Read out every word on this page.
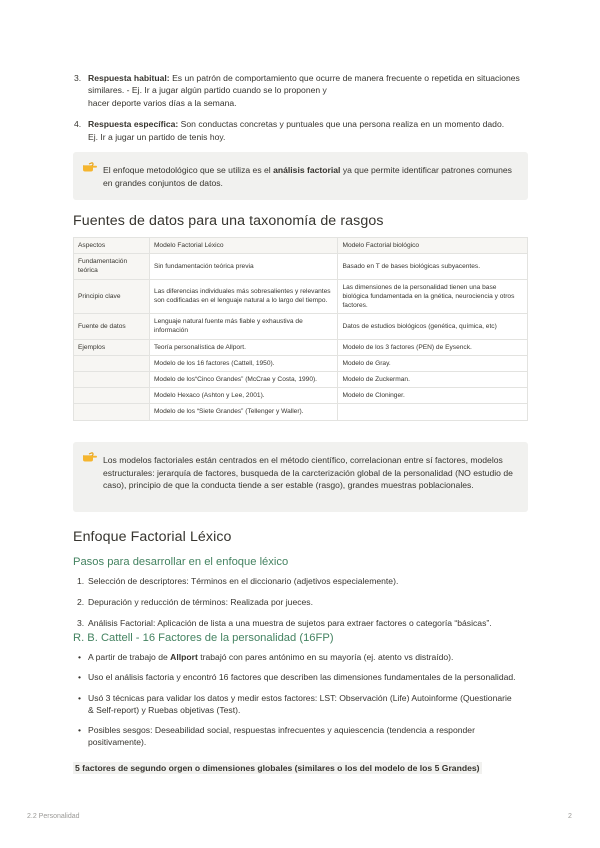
3. Respuesta habitual: Es un patrón de comportamiento que ocurre de manera frecuente o repetida en situaciones similares. - Ej. Ir a jugar algún partido cuando se lo proponen y
hacer deporte varios días a la semana.
4. Respuesta específica: Son conductas concretas y puntuales que una persona realiza en un momento dado.
Ej. Ir a jugar un partido de tenis hoy.
El enfoque metodológico que se utiliza es el análisis factorial ya que permite identificar patrones comunes en grandes conjuntos de datos.
Fuentes de datos para una taxonomía de rasgos
Aspectos	Modelo Factorial Léxico	Modelo Factorial biológico
Fundamentación teórica	Sin fundamentación teórica previa	Basado en T de bases biológicas subyacentes.
Principio clave	Las diferencias individuales más sobresalientes y relevantes son codificadas en el lenguaje natural a lo largo del tiempo.	Las dimensiones de la personalidad tienen una base biológica fundamentada en la gnética, neurociencia y otros factores.
Fuente de datos	Lenguaje natural fuente más fiable y exhaustiva de información	Datos de estudios biológicos (genética, química, etc)
Ejemplos	Teoría personalística de Allport.	Modelo de los 3 factores (PEN) de Eysenck.
	Modelo de los 16 factores (Cattell, 1950).	Modelo de Gray.
	Modelo de los“Cinco Grandes” (McCrae y Costa, 1990).	Modelo de Zuckerman.
	Modelo Hexaco (Ashton y Lee, 2001).	Modelo de Cloninger.
	Modelo de los “Siete Grandes” (Tellenger y Waller).	
Los modelos factoriales están centrados en el método científico, correlacionan entre sí factores, modelos estructurales: jerarquía de factores, busqueda de la carcterización global de la personalidad (NO estudio de caso), principio de que la conducta tiende a ser estable (rasgo), grandes muestras poblacionales.
Enfoque Factorial Léxico
Pasos para desarrollar en el enfoque léxico
1. Selección de descriptores: Términos en el diccionario (adjetivos especialemente).
2. Depuración y reducción de términos: Realizada por jueces.
3. Análisis Factorial: Aplicación de lista a una muestra de sujetos para extraer factores o categoría “básicas”.
R. B. Cattell - 16 Factores de la personalidad (16FP)
• A partir de trabajo de Allport trabajó con pares antónimo en su mayoría (ej. atento vs distraído).
• Uso el análisis factoria y encontró 16 factores que describen las dimensiones fundamentales de la personalidad.
• Usó 3 técnicas para validar los datos y medir estos factores: LST: Observación (Life) Autoinforme (Questionarie & Self-report) y Ruebas objetivas (Test).
• Posibles sesgos: Deseabilidad social, respuestas infrecuentes y aquiescencia (tendencia a responder positivamente).
5 factores de segundo orgen o dimensiones globales (similares o los del modelo de los 5 Grandes)
2.2 Personalidad	2
